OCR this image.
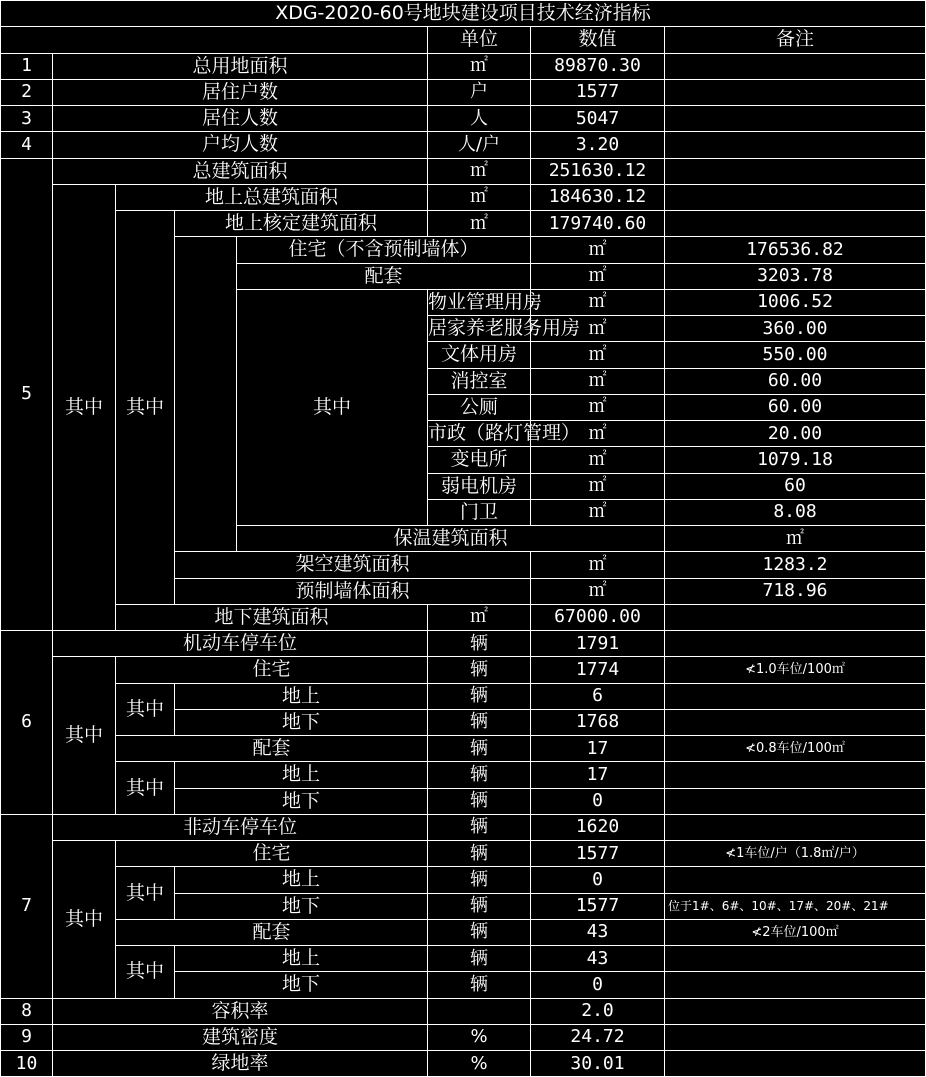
XDG-2020-60号地块建设项目技术经济指标								
					单位	数值	备注	
1	总用地面积				㎡	89870.30		
2	居住户数				户	1577		
3	居住人数				人	5047		
4	户均人数				人/户	3.20		
5	总建筑面积				㎡	251630.12		
	其中	地上总建筑面积			㎡	184630.12		
		其中	地上核定建筑面积		㎡	179740.60		
				住宅（不含预制墙体）		㎡	176536.82	
				配套		㎡	3203.78	
				其中	物业管理用房	㎡	1006.52	
					居家养老服务用房	㎡	360.00	
					文体用房	㎡	550.00	
					消控室	㎡	60.00	
					公厕	㎡	60.00	
					市政（路灯管理）	㎡	20.00	
					变电所	㎡	1079.18	
					弱电机房	㎡	60	
					门卫	㎡	8.08	
				保温建筑面积			㎡		
			架空建筑面积			㎡	1283.2	
			预制墙体面积			㎡	718.96	
		地下建筑面积			㎡	67000.00		
6	机动车停车位				辆	1791		
	其中	住宅			辆	1774	≮1.0车位/100㎡	
		其中	地上		辆	6		
			地下		辆	1768		
		配套			辆	17	≮0.8车位/100㎡	
		其中	地上		辆	17		
			地下		辆	0		
7	非动车停车位				辆	1620		
	其中	住宅			辆	1577	≮1车位/户（1.8㎡/户）	
		其中	地上		辆	0		
			地下		辆	1577	位于1#、6#、10#、17#、20#、21#	
		配套			辆	43	≮2车位/100㎡	
		其中	地上		辆	43		
			地下		辆	0		
8	容积率					2.0		
9	建筑密度				%	24.72		
10	绿地率				%	30.01		
